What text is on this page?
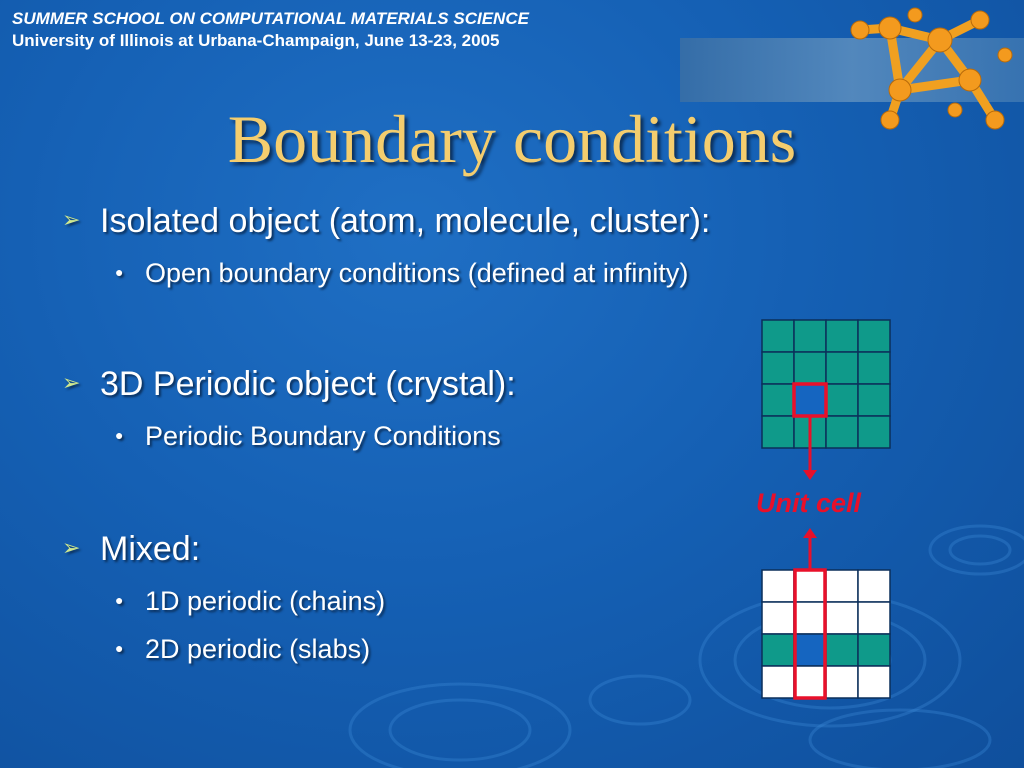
SUMMER SCHOOL ON COMPUTATIONAL MATERIALS SCIENCE
University of Illinois at Urbana-Champaign, June 13-23, 2005
Boundary conditions
➢ Isolated object (atom, molecule, cluster):
● Open boundary conditions (defined at infinity)
➢ 3D Periodic object (crystal):
● Periodic Boundary Conditions
➢ Mixed:
● 1D periodic (chains)
● 2D periodic (slabs)
Unit cell
